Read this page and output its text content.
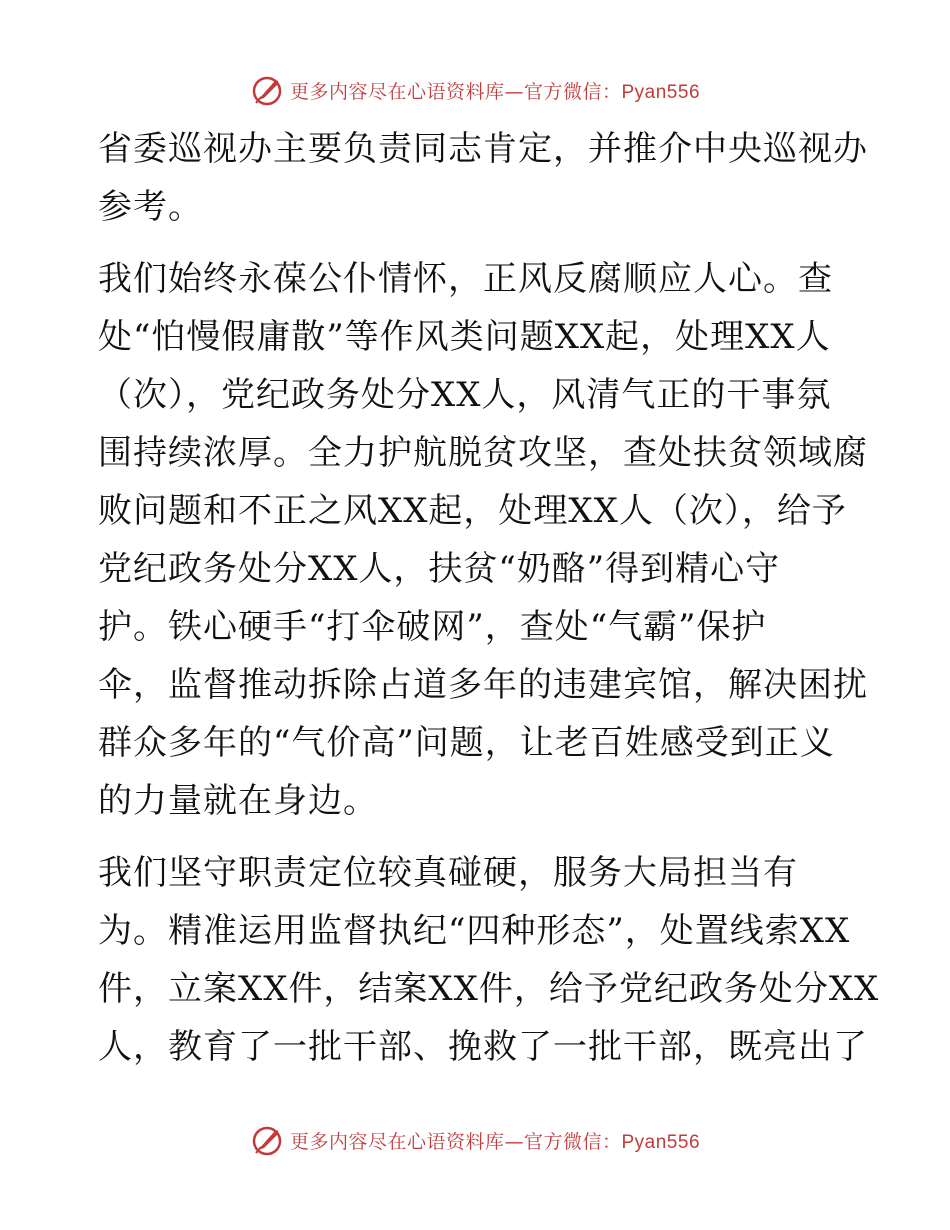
更多内容尽在心语资料库—官方微信：Pyan556
省委巡视办主要负责同志肯定，并推介中央巡视办
参考。
我们始终永葆公仆情怀，正风反腐顺应人心。查
处“怕慢假庸散”等作风类问题XX起，处理XX人
（次），党纪政务处分XX人，风清气正的干事氛
围持续浓厚。全力护航脱贫攻坚，查处扶贫领域腐
败问题和不正之风XX起，处理XX人（次），给予
党纪政务处分XX人，扶贫“奶酪”得到精心守
护。铁心硬手“打伞破网”，查处“气霸”保护
伞，监督推动拆除占道多年的违建宾馆，解决困扰
群众多年的“气价高”问题，让老百姓感受到正义
的力量就在身边。
我们坚守职责定位较真碰硬，服务大局担当有
为。精准运用监督执纪“四种形态”，处置线索XX
件，立案XX件，结案XX件，给予党纪政务处分XX
人，教育了一批干部、挽救了一批干部，既亮出了
更多内容尽在心语资料库—官方微信：Pyan556
